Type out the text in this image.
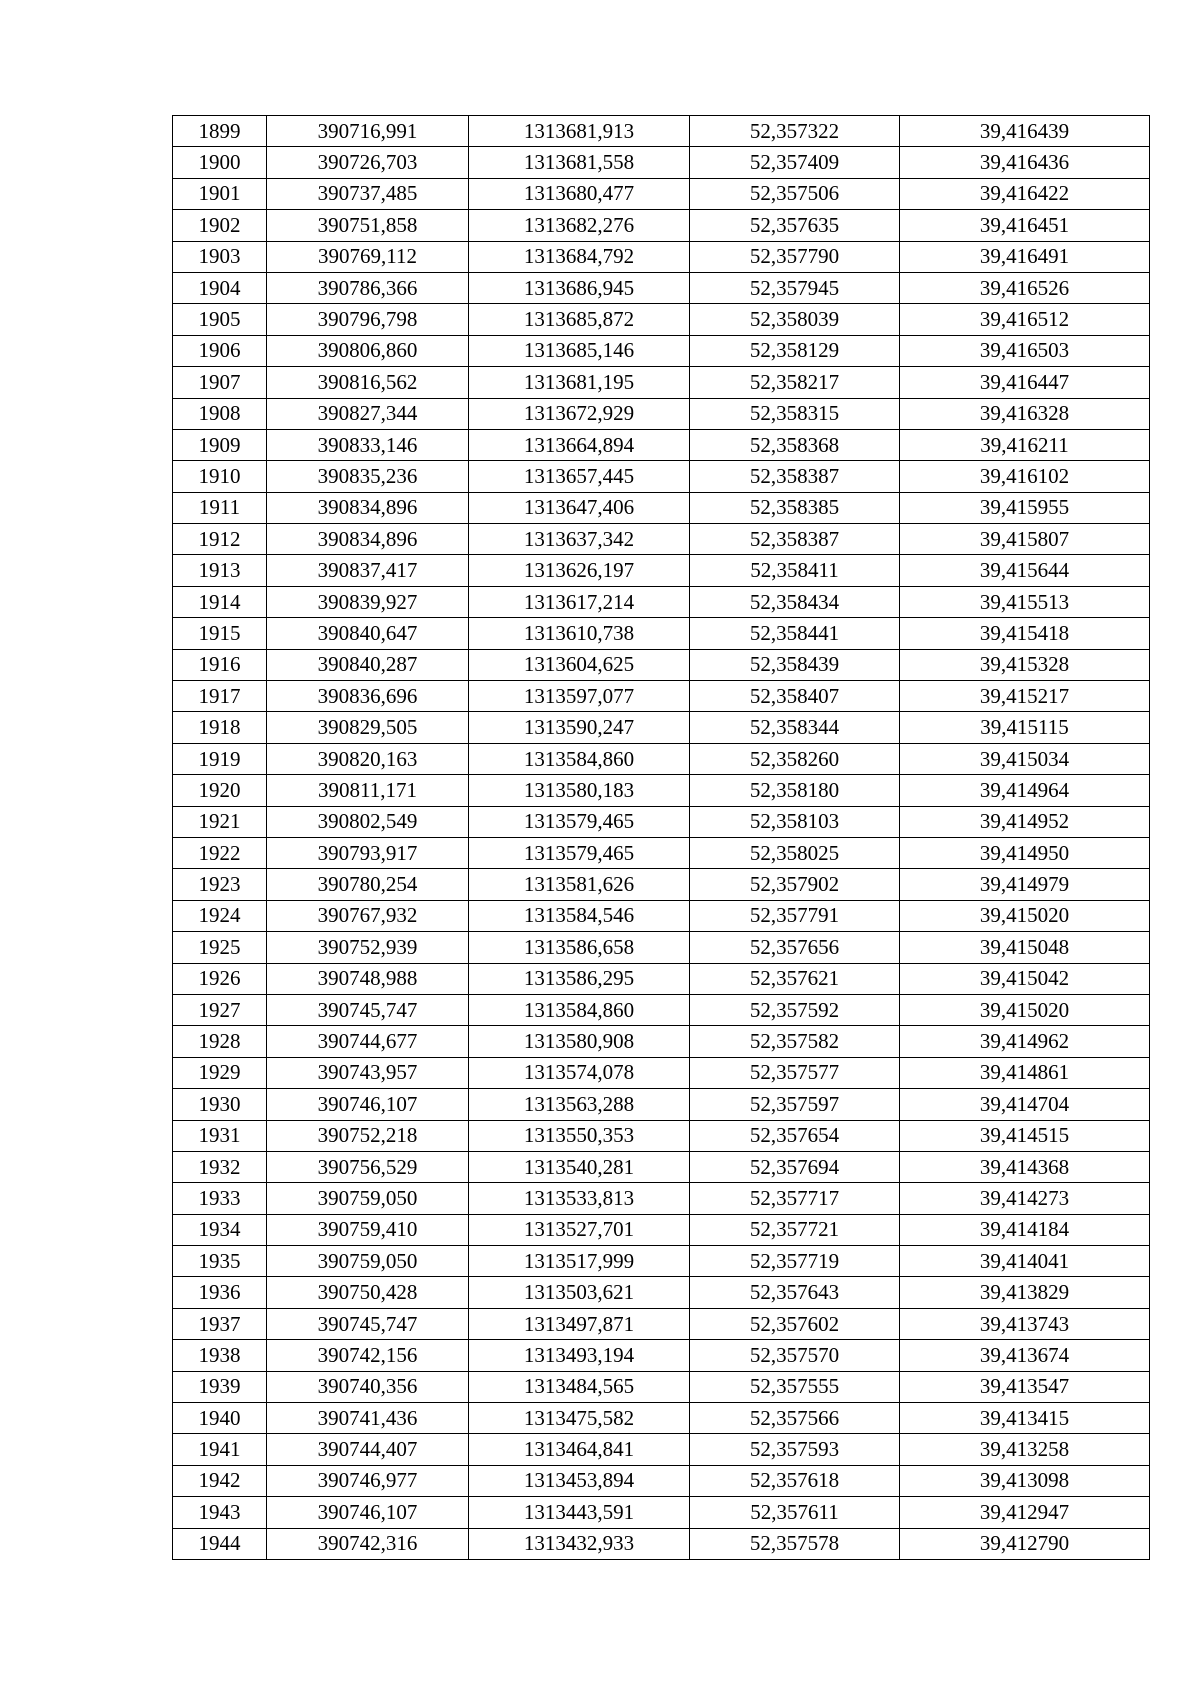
1899	390716,991	1313681,913	52,357322	39,416439
1900	390726,703	1313681,558	52,357409	39,416436
1901	390737,485	1313680,477	52,357506	39,416422
1902	390751,858	1313682,276	52,357635	39,416451
1903	390769,112	1313684,792	52,357790	39,416491
1904	390786,366	1313686,945	52,357945	39,416526
1905	390796,798	1313685,872	52,358039	39,416512
1906	390806,860	1313685,146	52,358129	39,416503
1907	390816,562	1313681,195	52,358217	39,416447
1908	390827,344	1313672,929	52,358315	39,416328
1909	390833,146	1313664,894	52,358368	39,416211
1910	390835,236	1313657,445	52,358387	39,416102
1911	390834,896	1313647,406	52,358385	39,415955
1912	390834,896	1313637,342	52,358387	39,415807
1913	390837,417	1313626,197	52,358411	39,415644
1914	390839,927	1313617,214	52,358434	39,415513
1915	390840,647	1313610,738	52,358441	39,415418
1916	390840,287	1313604,625	52,358439	39,415328
1917	390836,696	1313597,077	52,358407	39,415217
1918	390829,505	1313590,247	52,358344	39,415115
1919	390820,163	1313584,860	52,358260	39,415034
1920	390811,171	1313580,183	52,358180	39,414964
1921	390802,549	1313579,465	52,358103	39,414952
1922	390793,917	1313579,465	52,358025	39,414950
1923	390780,254	1313581,626	52,357902	39,414979
1924	390767,932	1313584,546	52,357791	39,415020
1925	390752,939	1313586,658	52,357656	39,415048
1926	390748,988	1313586,295	52,357621	39,415042
1927	390745,747	1313584,860	52,357592	39,415020
1928	390744,677	1313580,908	52,357582	39,414962
1929	390743,957	1313574,078	52,357577	39,414861
1930	390746,107	1313563,288	52,357597	39,414704
1931	390752,218	1313550,353	52,357654	39,414515
1932	390756,529	1313540,281	52,357694	39,414368
1933	390759,050	1313533,813	52,357717	39,414273
1934	390759,410	1313527,701	52,357721	39,414184
1935	390759,050	1313517,999	52,357719	39,414041
1936	390750,428	1313503,621	52,357643	39,413829
1937	390745,747	1313497,871	52,357602	39,413743
1938	390742,156	1313493,194	52,357570	39,413674
1939	390740,356	1313484,565	52,357555	39,413547
1940	390741,436	1313475,582	52,357566	39,413415
1941	390744,407	1313464,841	52,357593	39,413258
1942	390746,977	1313453,894	52,357618	39,413098
1943	390746,107	1313443,591	52,357611	39,412947
1944	390742,316	1313432,933	52,357578	39,412790
